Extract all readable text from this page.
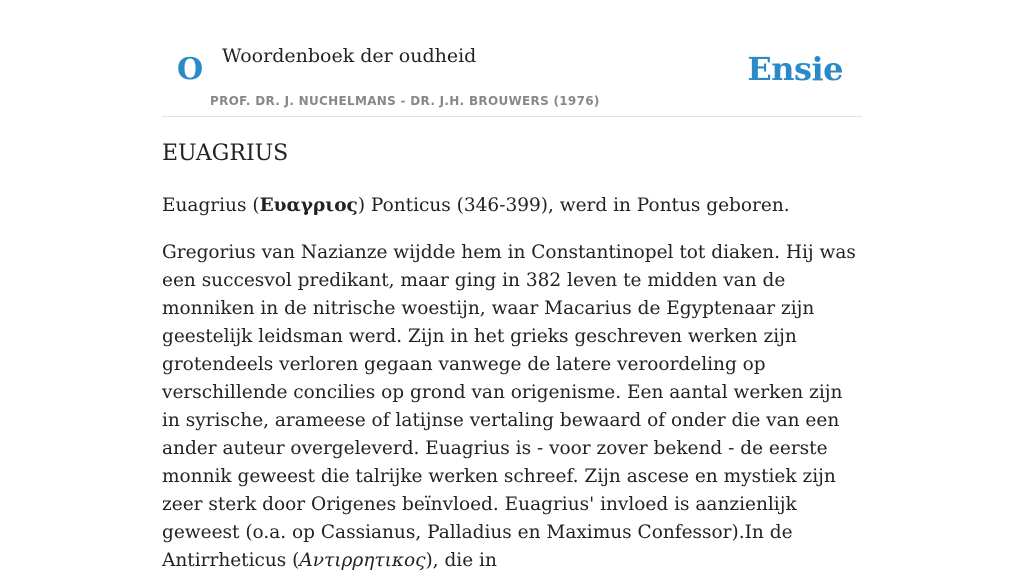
O Woordenboek der oudheid
PROF. DR. J. NUCHELMANS - DR. J.H. BROUWERS (1976)
Ensie
EUAGRIUS

Euagrius (Ευαγριος) Ponticus (346-399), werd in Pontus geboren.

Gregorius van Nazianze wijdde hem in Constantinopel tot diaken. Hij was een succesvol predikant, maar ging in 382 leven te midden van de monniken in de nitrische woestijn, waar Macarius de Egyptenaar zijn geestelijk leidsman werd. Zijn in het grieks geschreven werken zijn grotendeels verloren gegaan vanwege de latere veroordeling op verschillende concilies op grond van origenisme. Een aantal werken zijn in syrische, arameese of latijnse vertaling bewaard of onder die van een ander auteur overgeleverd. Euagrius is - voor zover bekend - de eerste monnik geweest die talrijke werken schreef. Zijn ascese en mystiek zijn zeer sterk door Origenes beïnvloed. Euagrius' invloed is aanzienlijk geweest (o.a. op Cassianus, Palladius en Maximus Confessor).In de Antirrheticus (Αντιρρητικος), die in
